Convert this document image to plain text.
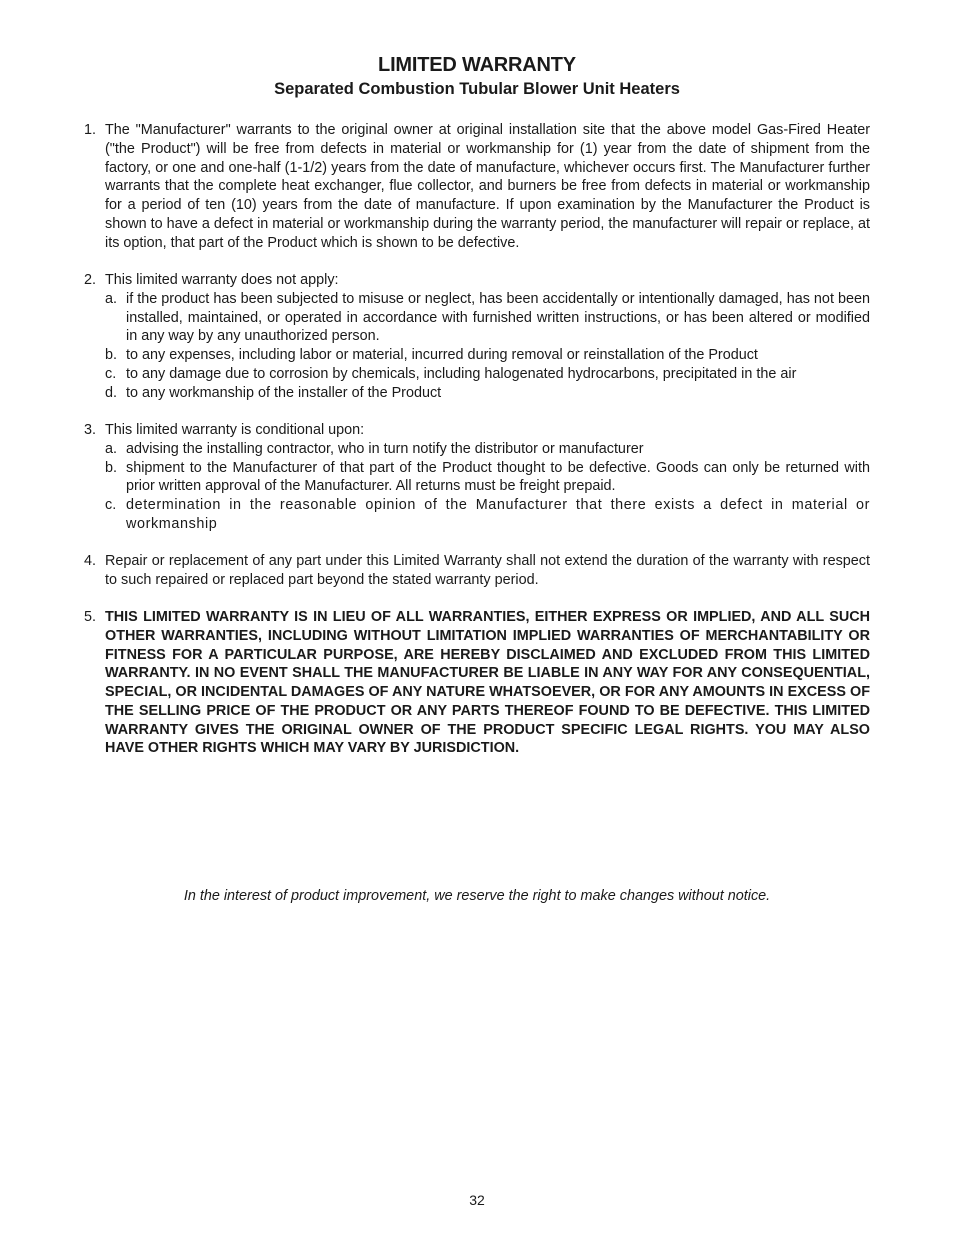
LIMITED WARRANTY
Separated Combustion Tubular Blower Unit Heaters
1. The "Manufacturer" warrants to the original owner at original installation site that the above model Gas-Fired Heater ("the Product") will be free from defects in material or workmanship for (1) year from the date of shipment from the factory, or one and one-half (1-1/2) years from the date of manufacture, whichever occurs first. The Manufacturer further warrants that the complete heat exchanger, flue collector, and burners be free from defects in material or workmanship for a period of ten (10) years from the date of manufacture. If upon examination by the Manufacturer the Product is shown to have a defect in material or workmanship during the warranty period, the manufacturer will repair or replace, at its option, that part of the Product which is shown to be defective.
2. This limited warranty does not apply:
a. if the product has been subjected to misuse or neglect, has been accidentally or intentionally damaged, has not been installed, maintained, or operated in accordance with furnished written instructions, or has been altered or modified in any way by any unauthorized person.
b. to any expenses, including labor or material, incurred during removal or reinstallation of the Product
c. to any damage due to corrosion by chemicals, including halogenated hydrocarbons, precipitated in the air
d. to any workmanship of the installer of the Product
3. This limited warranty is conditional upon:
a. advising the installing contractor, who in turn notify the distributor or manufacturer
b. shipment to the Manufacturer of that part of the Product thought to be defective. Goods can only be returned with prior written approval of the Manufacturer. All returns must be freight prepaid.
c. determination in the reasonable opinion of the Manufacturer that there exists a defect in material or workmanship
4. Repair or replacement of any part under this Limited Warranty shall not extend the duration of the warranty with respect to such repaired or replaced part beyond the stated warranty period.
5. THIS LIMITED WARRANTY IS IN LIEU OF ALL WARRANTIES, EITHER EXPRESS OR IMPLIED, AND ALL SUCH OTHER WARRANTIES, INCLUDING WITHOUT LIMITATION IMPLIED WARRANTIES OF MERCHANTABILITY OR FITNESS FOR A PARTICULAR PURPOSE, ARE HEREBY DISCLAIMED AND EXCLUDED FROM THIS LIMITED WARRANTY. IN NO EVENT SHALL THE MANUFACTURER BE LIABLE IN ANY WAY FOR ANY CONSEQUENTIAL, SPECIAL, OR INCIDENTAL DAMAGES OF ANY NATURE WHATSOEVER, OR FOR ANY AMOUNTS IN EXCESS OF THE SELLING PRICE OF THE PRODUCT OR ANY PARTS THEREOF FOUND TO BE DEFECTIVE. THIS LIMITED WARRANTY GIVES THE ORIGINAL OWNER OF THE PRODUCT SPECIFIC LEGAL RIGHTS. YOU MAY ALSO HAVE OTHER RIGHTS WHICH MAY VARY BY JURISDICTION.
In the interest of product improvement, we reserve the right to make changes without notice.
32
